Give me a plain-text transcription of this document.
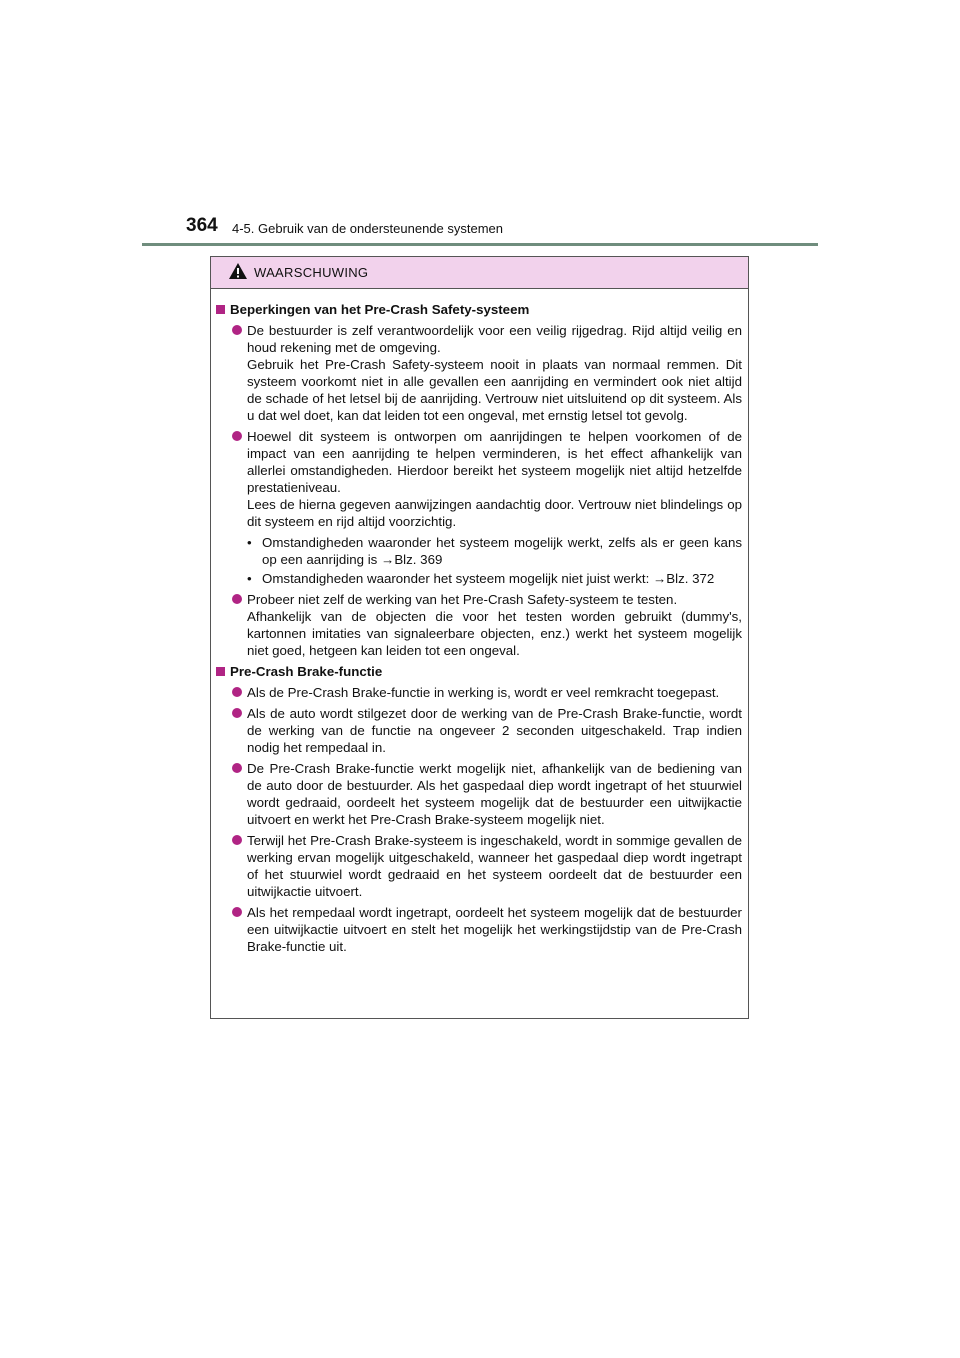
364 4-5. Gebruik van de ondersteunende systemen
WAARSCHUWING
Beperkingen van het Pre-Crash Safety-systeem

De bestuurder is zelf verantwoordelijk voor een veilig rijgedrag. Rijd altijd veilig en houd rekening met de omgeving.

Gebruik het Pre-Crash Safety-systeem nooit in plaats van normaal remmen. Dit systeem voorkomt niet in alle gevallen een aanrijding en vermindert ook niet altijd de schade of het letsel bij de aanrijding. Vertrouw niet uitsluitend op dit systeem. Als u dat wel doet, kan dat leiden tot een ongeval, met ernstig letsel tot gevolg.

Hoewel dit systeem is ontworpen om aanrijdingen te helpen voorkomen of de impact van een aanrijding te helpen verminderen, is het effect afhankelijk van allerlei omstandigheden. Hierdoor bereikt het systeem mogelijk niet altijd hetzelfde prestatieniveau.

Lees de hierna gegeven aanwijzingen aandachtig door. Vertrouw niet blindelings op dit systeem en rijd altijd voorzichtig.

• Omstandigheden waaronder het systeem mogelijk werkt, zelfs als er geen kans op een aanrijding is →Blz. 369
• Omstandigheden waaronder het systeem mogelijk niet juist werkt: →Blz. 372

Probeer niet zelf de werking van het Pre-Crash Safety-systeem te testen.

Afhankelijk van de objecten die voor het testen worden gebruikt (dummy's, kartonnen imitaties van signaleerbare objecten, enz.) werkt het systeem mogelijk niet goed, hetgeen kan leiden tot een ongeval.

Pre-Crash Brake-functie

Als de Pre-Crash Brake-functie in werking is, wordt er veel remkracht toegepast.

Als de auto wordt stilgezet door de werking van de Pre-Crash Brake-functie, wordt de werking van de functie na ongeveer 2 seconden uitgeschakeld. Trap indien nodig het rempedaal in.

De Pre-Crash Brake-functie werkt mogelijk niet, afhankelijk van de bediening van de auto door de bestuurder. Als het gaspedaal diep wordt ingetrapt of het stuurwiel wordt gedraaid, oordeelt het systeem mogelijk dat de bestuurder een uitwijkactie uitvoert en werkt het Pre-Crash Brake-systeem mogelijk niet.

Terwijl het Pre-Crash Brake-systeem is ingeschakeld, wordt in sommige gevallen de werking ervan mogelijk uitgeschakeld, wanneer het gaspedaal diep wordt ingetrapt of het stuurwiel wordt gedraaid en het systeem oordeelt dat de bestuurder een uitwijkactie uitvoert.

Als het rempedaal wordt ingetrapt, oordeelt het systeem mogelijk dat de bestuurder een uitwijkactie uitvoert en stelt het mogelijk het werkingstijdstip van de Pre-Crash Brake-functie uit.
